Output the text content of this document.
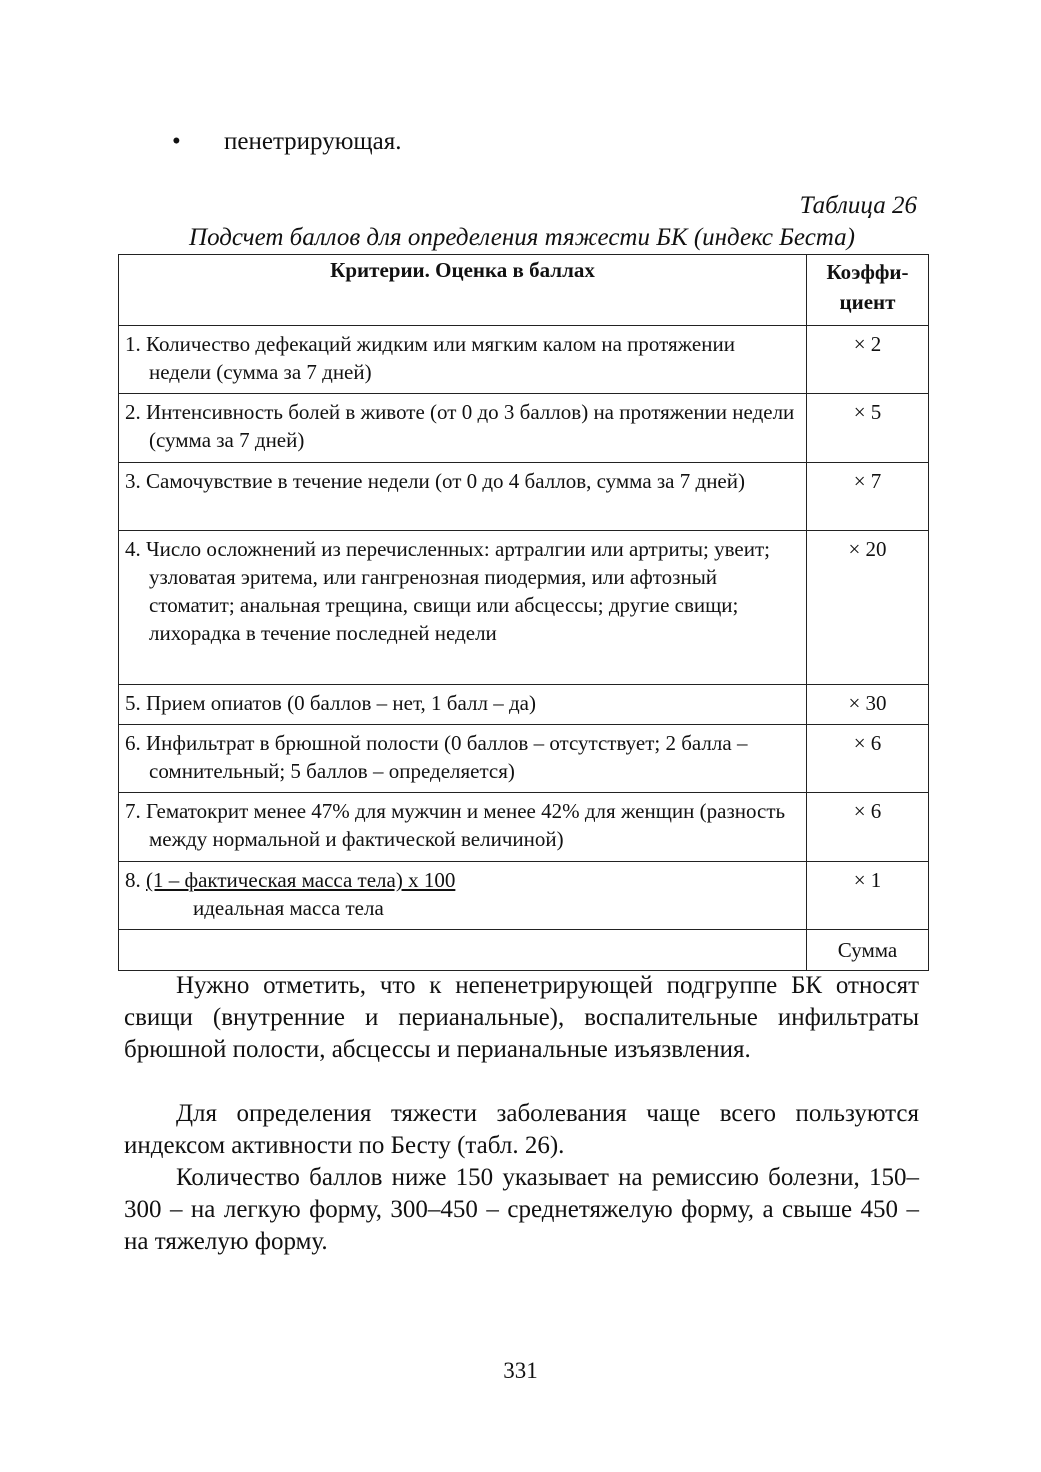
• пенетрирующая.
Таблица 26
Подсчет баллов для определения тяжести БК (индекс Беста)
Критерии. Оценка в баллах	Коэффи-
циент

1. Количество дефекаций жидким или мягким калом на протяжении недели (сумма за 7 дней)	× 2

2. Интенсивность болей в животе (от 0 до 3 баллов) на протяжении недели (сумма за 7 дней)	× 5

3. Самочувствие в течение недели (от 0 до 4 баллов, сумма за 7 дней)	× 7

4. Число осложнений из перечисленных: артралгии или артриты; увеит; узловатая эритема, или гангренозная пиодермия, или афтозный стоматит; анальная трещина, свищи или абсцессы; другие свищи; лихорадка в течение последней недели	× 20

5. Прием опиатов (0 баллов – нет, 1 балл – да)	× 30

6. Инфильтрат в брюшной полости (0 баллов – отсутствует; 2 балла – сомнительный; 5 баллов – определяется)	× 6

7. Гематокрит менее 47% для мужчин и менее 42% для женщин (разность между нормальной и фактической величиной)	× 6

8. (1 – фактическая масса тела) х 100
идеальная масса тела	× 1
	Сумма

Нужно отметить, что к непенетрирующей подгруппе БК относят свищи (внутренние и перианальные), воспалительные инфильтраты брюшной полости, абсцессы и перианальные изъязвления.

Для определения тяжести заболевания чаще всего пользуются индексом активности по Бесту (табл. 26).

Количество баллов ниже 150 указывает на ремиссию болезни, 150–300 – на легкую форму, 300–450 – среднетяжелую форму, а свыше 450 – на тяжелую форму.

331
